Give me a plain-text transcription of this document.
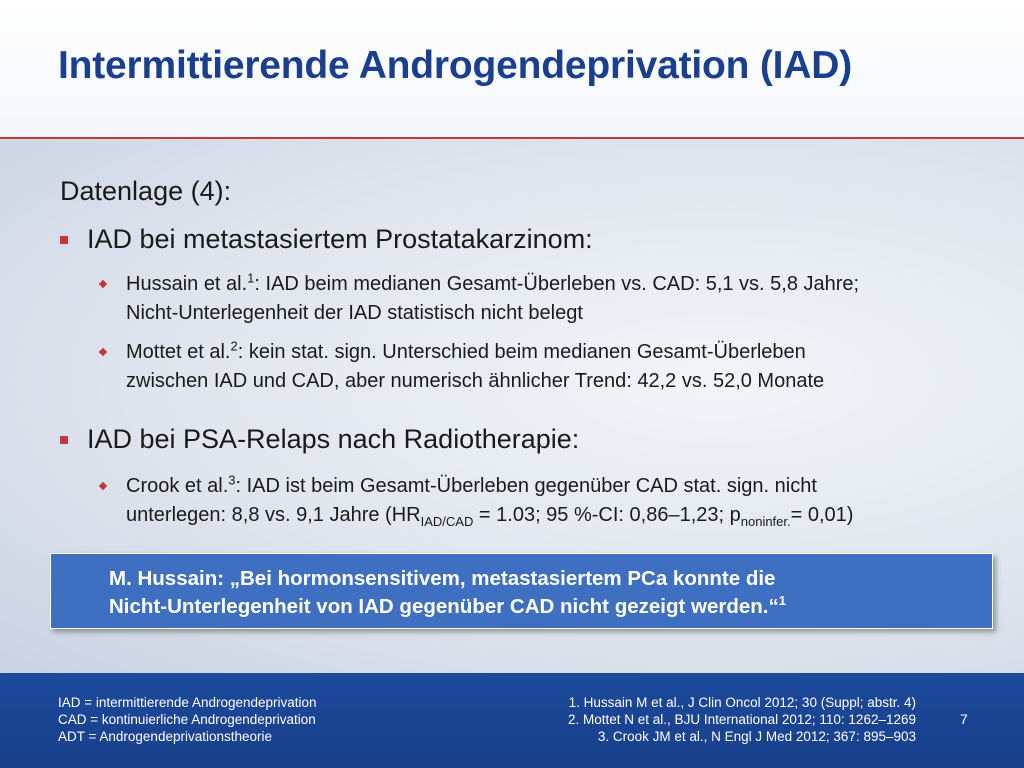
Intermittierende Androgendeprivation (IAD)
Datenlage (4):
IAD bei metastasiertem Prostatakarzinom:
Hussain et al.$^1$: IAD beim medianen Gesamt-Überleben vs. CAD: 5,1 vs. 5,8 Jahre;
Nicht-Unterlegenheit der IAD statistisch nicht belegt
Mottet et al.$^2$: kein stat. sign. Unterschied beim medianen Gesamt-Überleben
zwischen IAD und CAD, aber numerisch ähnlicher Trend: 42,2 vs. 52,0 Monate
IAD bei PSA-Relaps nach Radiotherapie:
Crook et al.$^3$: IAD ist beim Gesamt-Überleben gegenüber CAD stat. sign. nicht
unterlegen: 8,8 vs. 9,1 Jahre ($HR_{IAD/CAD} = 1.03$; 95 %-CI: 0,86–1,23; $p_{noninfer.}= 0,01$)
M. Hussain: „Bei hormonsensitivem, metastasiertem PCa konnte die
Nicht-Unterlegenheit von IAD gegenüber CAD nicht gezeigt werden.“$^1$
IAD = intermittierende Androgendeprivation
CAD = kontinuierliche Androgendeprivation
ADT = Androgendeprivationstheorie
1. Hussain M et al., J Clin Oncol 2012; 30 (Suppl; abstr. 4)
2. Mottet N et al., BJU International 2012; 110: 1262–1269
3. Crook JM et al., N Engl J Med 2012; 367: 895–903
7
